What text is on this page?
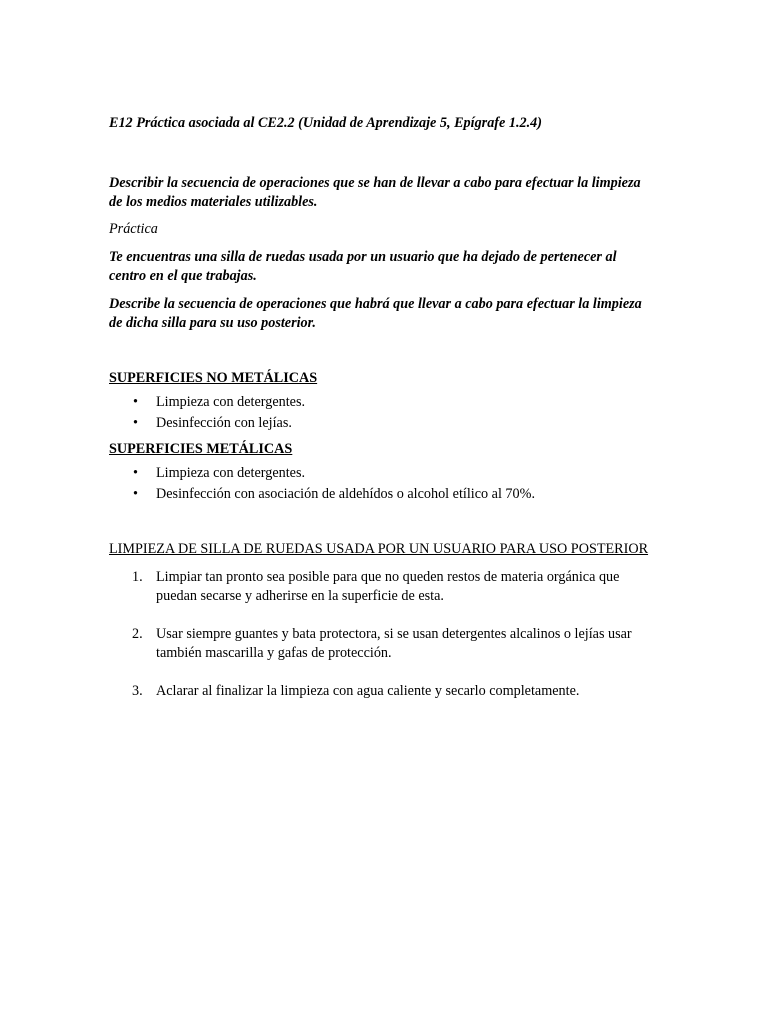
E12 Práctica asociada al CE2.2 (Unidad de Aprendizaje 5, Epígrafe 1.2.4)

Describir la secuencia de operaciones que se han de llevar a cabo para efectuar la limpieza de los medios materiales utilizables.

Práctica

Te encuentras una silla de ruedas usada por un usuario que ha dejado de pertenecer al centro en el que trabajas.

Describe la secuencia de operaciones que habrá que llevar a cabo para efectuar la limpieza de dicha silla para su uso posterior.

SUPERFICIES NO METÁLICAS

• Limpieza con detergentes.
• Desinfección con lejías.

SUPERFICIES METÁLICAS

• Limpieza con detergentes.
• Desinfección con asociación de aldehídos o alcohol etílico al 70%.

LIMPIEZA DE SILLA DE RUEDAS USADA POR UN USUARIO PARA USO POSTERIOR

1. Limpiar tan pronto sea posible para que no queden restos de materia orgánica que puedan secarse y adherirse en la superficie de esta.
2. Usar siempre guantes y bata protectora, si se usan detergentes alcalinos o lejías usar también mascarilla y gafas de protección.
3. Aclarar al finalizar la limpieza con agua caliente y secarlo completamente.
